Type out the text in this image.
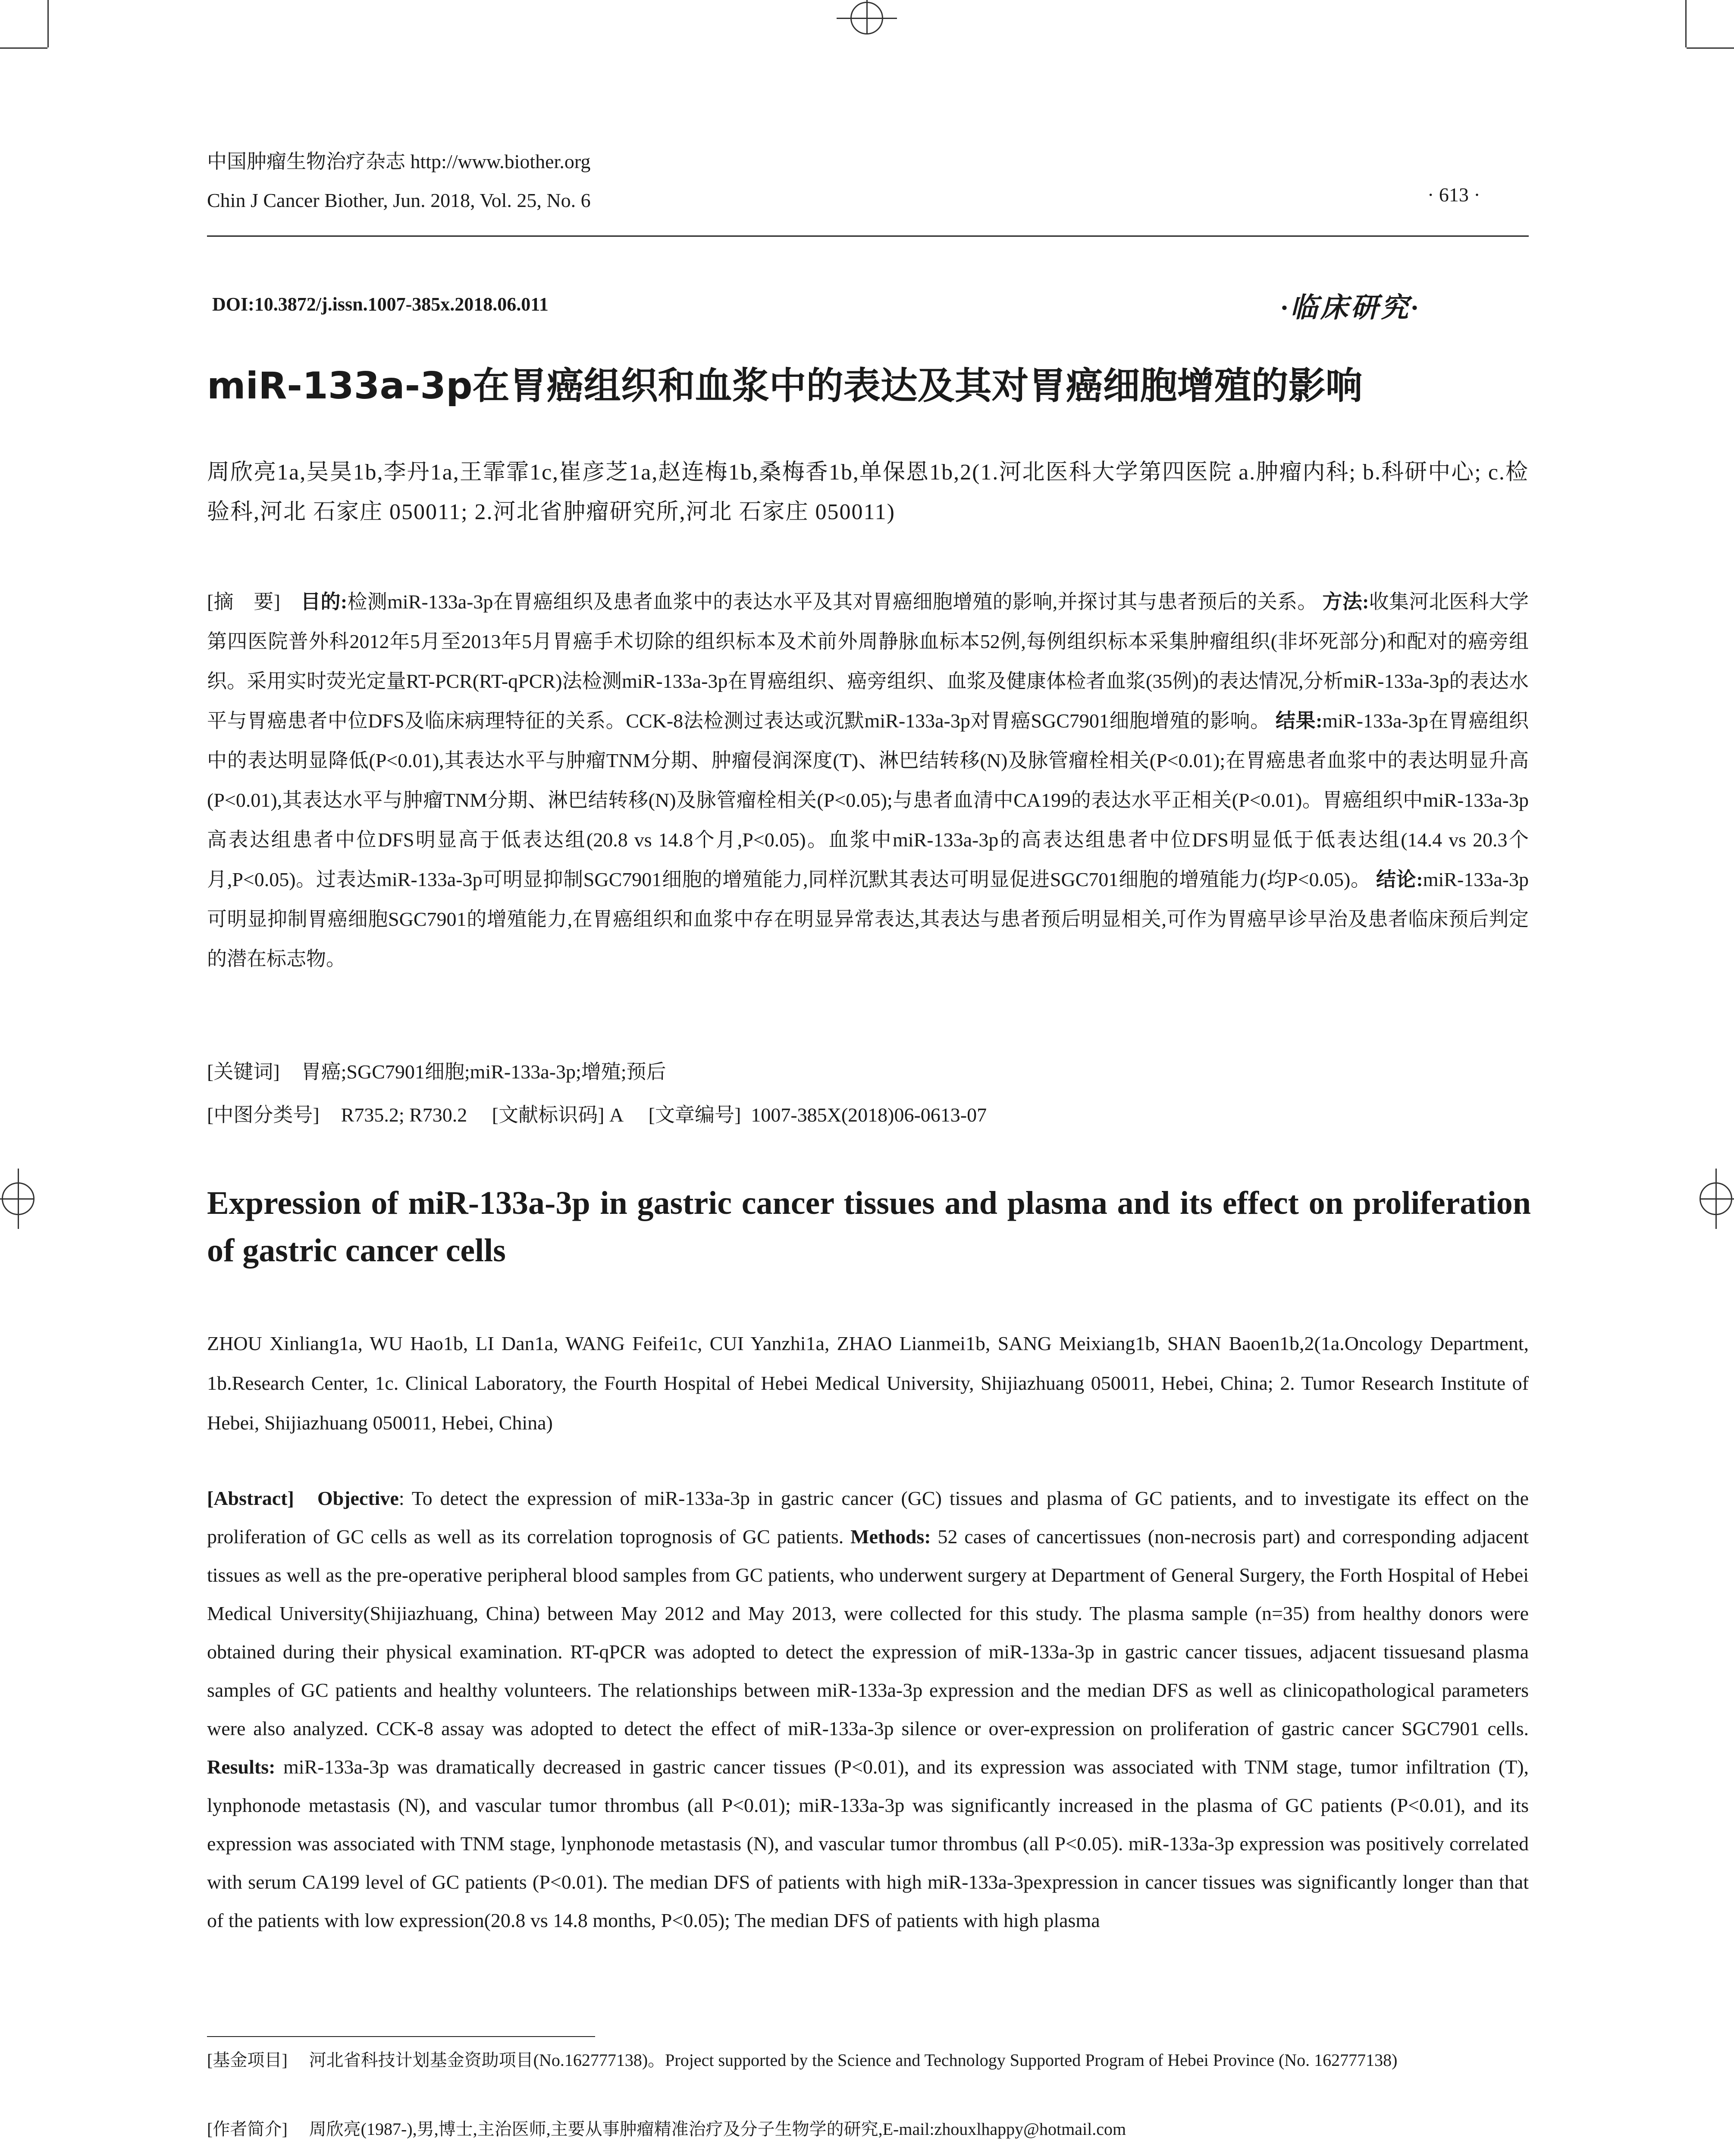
中国肿瘤生物治疗杂志 http://www.biother.org
Chin J Cancer Biother, Jun. 2018, Vol. 25, No. 6	· 613 ·
DOI:10.3872/j.issn.1007-385x.2018.06.011	·临床研究·
miR-133a-3p在胃癌组织和血浆中的表达及其对胃癌细胞增殖的影响
周欣亮1a,吴昊1b,李丹1a,王霏霏1c,崔彦芝1a,赵连梅1b,桑梅香1b,单保恩1b,2(1.河北医科大学第四医院 a.肿瘤内科; b.科研中心; c.检验科,河北 石家庄 050011; 2.河北省肿瘤研究所,河北 石家庄 050011)
[摘　要] 目的:检测miR-133a-3p在胃癌组织及患者血浆中的表达水平及其对胃癌细胞增殖的影响,并探讨其与患者预后的关系。 方法:收集河北医科大学第四医院普外科2012年5月至2013年5月胃癌手术切除的组织标本及术前外周静脉血标本52例,每例组织标本采集肿瘤组织(非坏死部分)和配对的癌旁组织。采用实时荧光定量RT-PCR(RT-qPCR)法检测miR-133a-3p在胃癌组织、癌旁组织、血浆及健康体检者血浆(35例)的表达情况,分析miR-133a-3p的表达水平与胃癌患者中位DFS及临床病理特征的关系。CCK-8法检测过表达或沉默miR-133a-3p对胃癌SGC7901细胞增殖的影响。 结果:miR-133a-3p在胃癌组织中的表达明显降低(P<0.01),其表达水平与肿瘤TNM分期、肿瘤侵润深度(T)、淋巴结转移(N)及脉管瘤栓相关(P<0.01);在胃癌患者血浆中的表达明显升高(P<0.01),其表达水平与肿瘤TNM分期、淋巴结转移(N)及脉管瘤栓相关(P<0.05);与患者血清中CA199的表达水平正相关(P<0.01)。胃癌组织中miR-133a-3p高表达组患者中位DFS明显高于低表达组(20.8 vs 14.8个月,P<0.05)。血浆中miR-133a-3p的高表达组患者中位DFS明显低于低表达组(14.4 vs 20.3个月,P<0.05)。过表达miR-133a-3p可明显抑制SGC7901细胞的增殖能力,同样沉默其表达可明显促进SGC701细胞的增殖能力(均P<0.05)。 结论:miR-133a-3p可明显抑制胃癌细胞SGC7901的增殖能力,在胃癌组织和血浆中存在明显异常表达,其表达与患者预后明显相关,可作为胃癌早诊早治及患者临床预后判定的潜在标志物。
[关键词] 胃癌;SGC7901细胞;miR-133a-3p;增殖;预后
[中图分类号] R735.2; R730.2 [文献标识码] A [文章编号] 1007-385X(2018)06-0613-07
Expression of miR-133a-3p in gastric cancer tissues and plasma and its effect on proliferation of gastric cancer cells
ZHOU Xinliang1a, WU Hao1b, LI Dan1a, WANG Feifei1c, CUI Yanzhi1a, ZHAO Lianmei1b, SANG Meixiang1b, SHAN Baoen1b,2(1a.Oncology Department, 1b.Research Center, 1c. Clinical Laboratory, the Fourth Hospital of Hebei Medical University, Shijiazhuang 050011, Hebei, China; 2. Tumor Research Institute of Hebei, Shijiazhuang 050011, Hebei, China)
[Abstract] Objective: To detect the expression of miR-133a-3p in gastric cancer (GC) tissues and plasma of GC patients, and to investigate its effect on the proliferation of GC cells as well as its correlation toprognosis of GC patients. Methods: 52 cases of cancertissues (non-necrosis part) and corresponding adjacent tissues as well as the pre-operative peripheral blood samples from GC patients, who underwent surgery at Department of General Surgery, the Forth Hospital of Hebei Medical University(Shijiazhuang, China) between May 2012 and May 2013, were collected for this study. The plasma sample (n=35) from healthy donors were obtained during their physical examination. RT-qPCR was adopted to detect the expression of miR-133a-3p in gastric cancer tissues, adjacent tissuesand plasma samples of GC patients and healthy volunteers. The relationships between miR-133a-3p expression and the median DFS as well as clinicopathological parameters were also analyzed. CCK-8 assay was adopted to detect the effect of miR-133a-3p silence or over-expression on proliferation of gastric cancer SGC7901 cells. Results: miR-133a-3p was dramatically decreased in gastric cancer tissues (P<0.01), and its expression was associated with TNM stage, tumor infiltration (T), lynphonode metastasis (N), and vascular tumor thrombus (all P<0.01); miR-133a-3p was significantly increased in the plasma of GC patients (P<0.01), and its expression was associated with TNM stage, lynphonode metastasis (N), and vascular tumor thrombus (all P<0.05). miR-133a-3p expression was positively correlated with serum CA199 level of GC patients (P<0.01). The median DFS of patients with high miR-133a-3pexpression in cancer tissues was significantly longer than that of the patients with low expression(20.8 vs 14.8 months, P<0.05); The median DFS of patients with high plasma
[基金项目] 河北省科技计划基金资助项目(No.162777138)。Project supported by the Science and Technology Supported Program of Hebei Province (No. 162777138)
[作者简介] 周欣亮(1987-),男,博士,主治医师,主要从事肿瘤精准治疗及分子生物学的研究,E-mail:zhouxlhappy@hotmail.com
